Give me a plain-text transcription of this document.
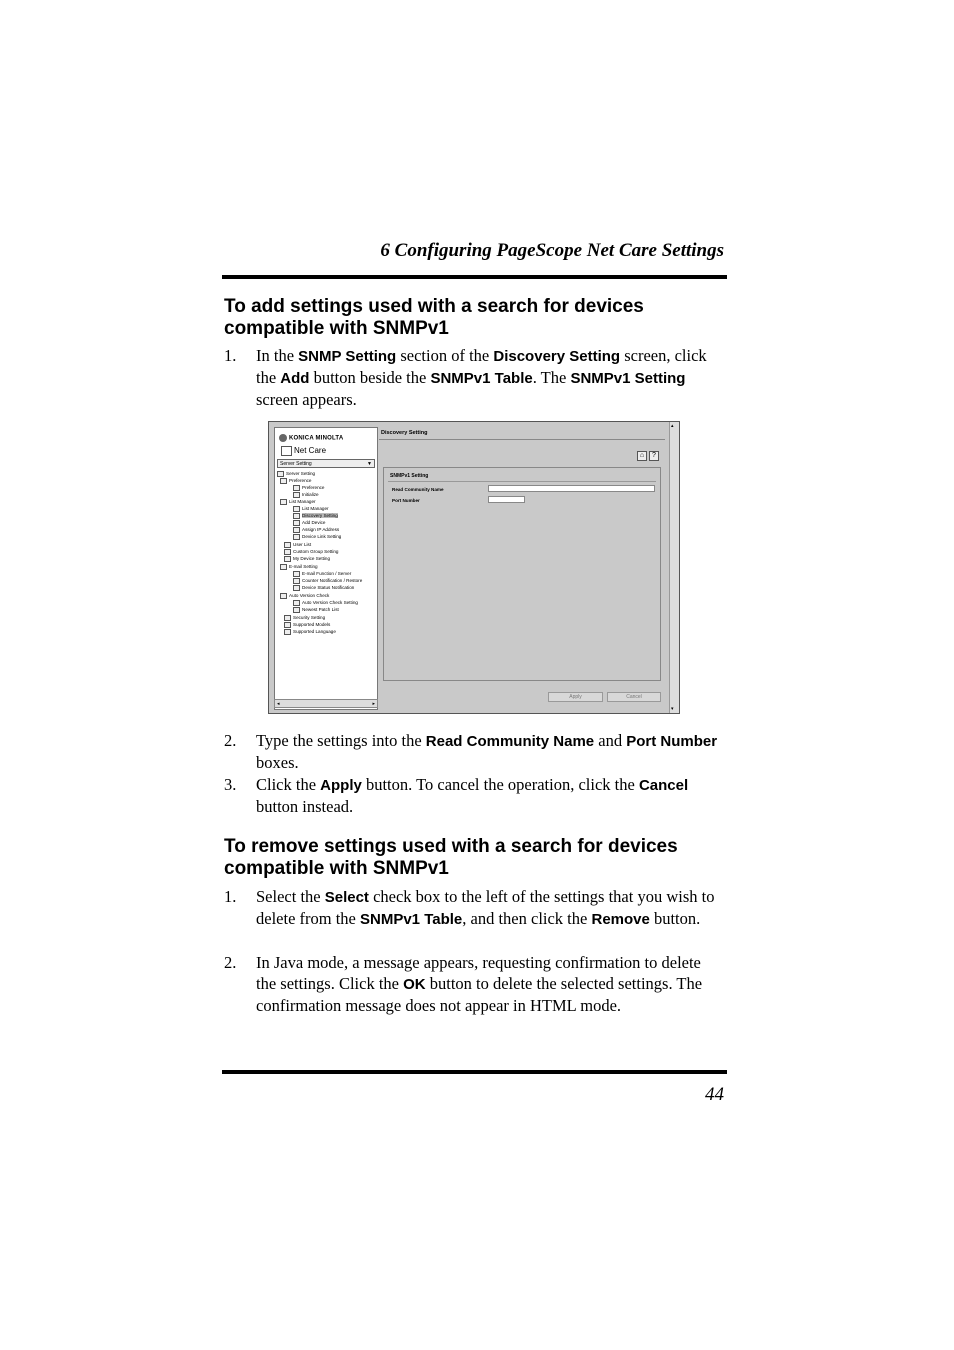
6 Configuring PageScope Net Care Settings
To add settings used with a search for devices compatible with SNMPv1
1. In the SNMP Setting section of the Discovery Setting screen, click the Add button beside the SNMPv1 Table. The SNMPv1 Setting screen appears.
KONICA MINOLTA
Net Care
Server Setting	▼
Server Setting
Preference
Preference
Initialize
List Manager
List Manager
Discovery Setting
Add Device
Assign IP Address
Device Link Setting
User List
Custom Group Setting
My Device Setting
E-mail Setting
E-mail Function / Server
Counter Notification / Restore
Device Status Notification
Auto Version Check
Auto Version Check Setting
Newest Patch List
Security Setting
Supported Models
Supported Language
◂	▸
Discovery Setting
⌂	?
SNMPv1 Setting
Read Community Name
Port Number
Apply	Cancel
▴
▾
2. Type the settings into the Read Community Name and Port Number boxes.
3. Click the Apply button. To cancel the operation, click the Cancel button instead.
To remove settings used with a search for devices compatible with SNMPv1
1. Select the Select check box to the left of the settings that you wish to delete from the SNMPv1 Table, and then click the Remove button.
2. In Java mode, a message appears, requesting confirmation to delete the settings. Click the OK button to delete the selected settings. The confirmation message does not appear in HTML mode.
44
